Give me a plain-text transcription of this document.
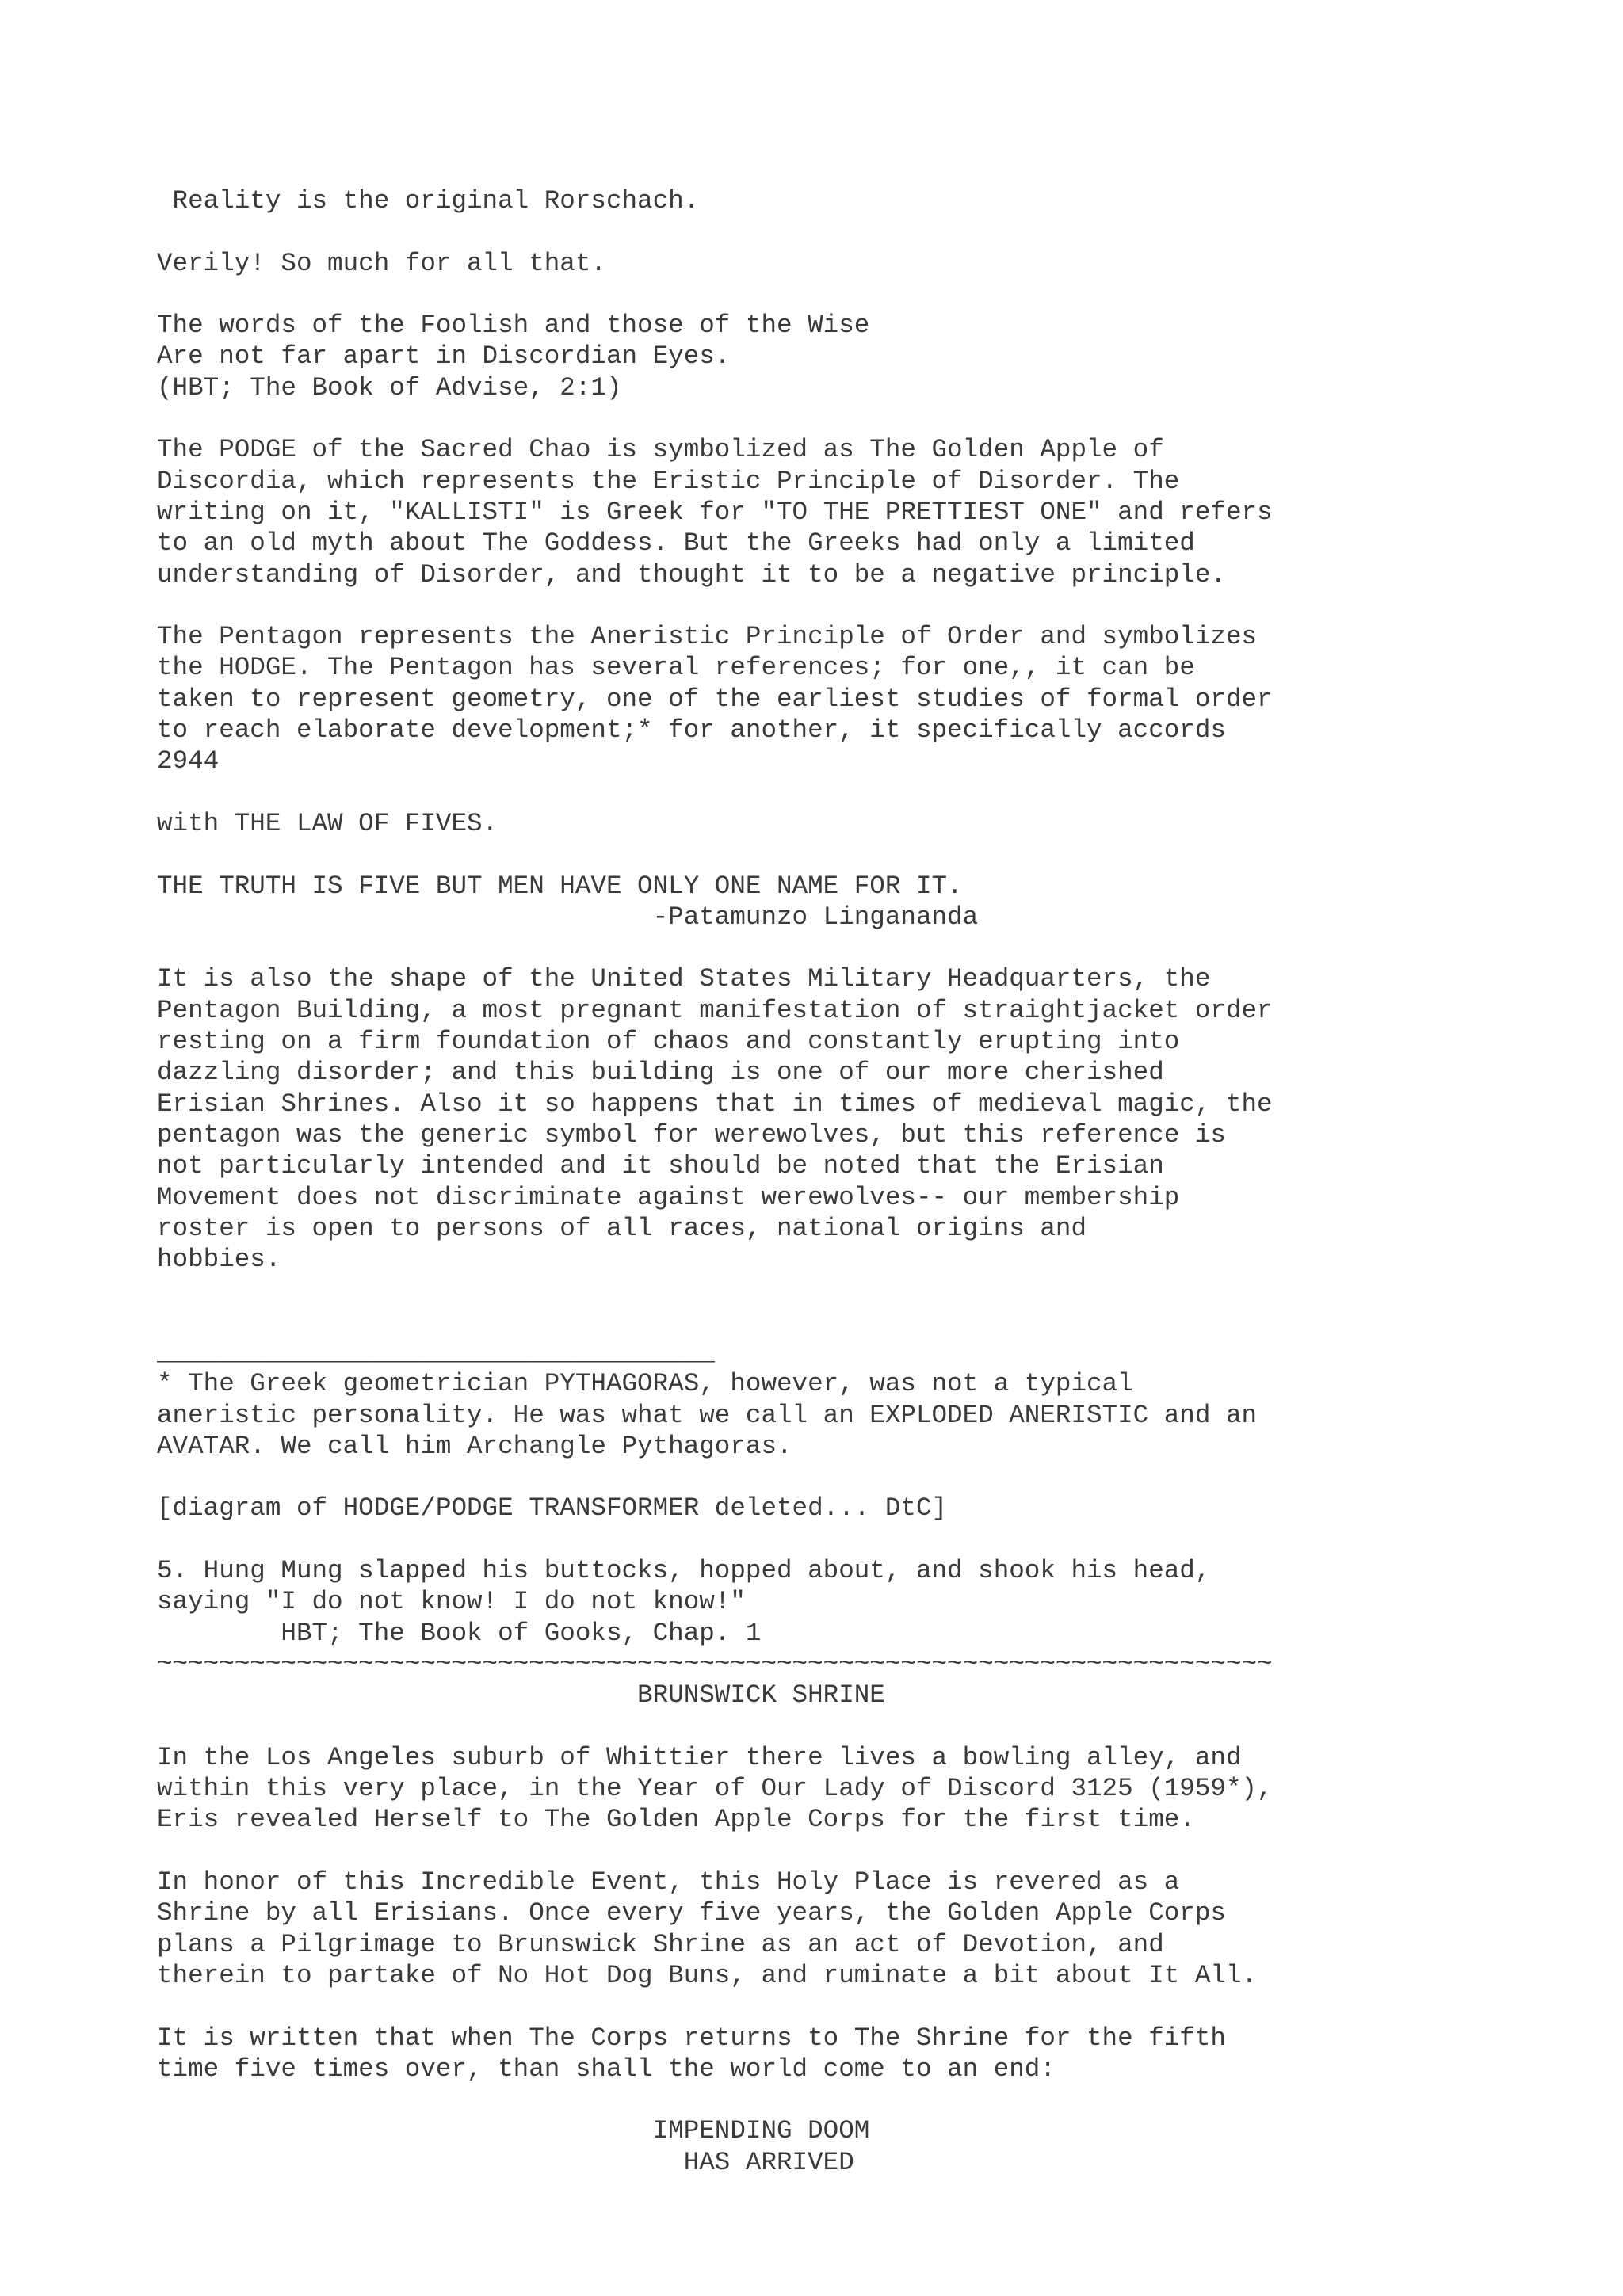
Reality is the original Rorschach.
Verily! So much for all that.
The words of the Foolish and those of the Wise
Are not far apart in Discordian Eyes.
(HBT; The Book of Advise, 2:1)
The PODGE of the Sacred Chao is symbolized as The Golden Apple of
Discordia, which represents the Eristic Principle of Disorder. The
writing on it, "KALLISTI" is Greek for "TO THE PRETTIEST ONE" and refers
to an old myth about The Goddess. But the Greeks had only a limited
understanding of Disorder, and thought it to be a negative principle.
The Pentagon represents the Aneristic Principle of Order and symbolizes
the HODGE. The Pentagon has several references; for one,, it can be
taken to represent geometry, one of the earliest studies of formal order
to reach elaborate development;* for another, it specifically accords
2944
with THE LAW OF FIVES.
THE TRUTH IS FIVE BUT MEN HAVE ONLY ONE NAME FOR IT.
-Patamunzo Lingananda
It is also the shape of the United States Military Headquarters, the
Pentagon Building, a most pregnant manifestation of straightjacket order
resting on a firm foundation of chaos and constantly erupting into
dazzling disorder; and this building is one of our more cherished
Erisian Shrines. Also it so happens that in times of medieval magic, the
pentagon was the generic symbol for werewolves, but this reference is
not particularly intended and it should be noted that the Erisian
Movement does not discriminate against werewolves-- our membership
roster is open to persons of all races, national origins and
hobbies.
____________________________________
* The Greek geometrician PYTHAGORAS, however, was not a typical
aneristic personality. He was what we call an EXPLODED ANERISTIC and an
AVATAR. We call him Archangle Pythagoras.
[diagram of HODGE/PODGE TRANSFORMER deleted... DtC]
5. Hung Mung slapped his buttocks, hopped about, and shook his head,
saying "I do not know! I do not know!"
HBT; The Book of Gooks, Chap. 1
~~~~~~~~~~~~~~~~~~~~~~~~~~~~~~~~~~~~~~~~~~~~~~~~~~~~~~~~~~~~~~~~~~~~~~~~
BRUNSWICK SHRINE
In the Los Angeles suburb of Whittier there lives a bowling alley, and
within this very place, in the Year of Our Lady of Discord 3125 (1959*),
Eris revealed Herself to The Golden Apple Corps for the first time.
In honor of this Incredible Event, this Holy Place is revered as a
Shrine by all Erisians. Once every five years, the Golden Apple Corps
plans a Pilgrimage to Brunswick Shrine as an act of Devotion, and
therein to partake of No Hot Dog Buns, and ruminate a bit about It All.
It is written that when The Corps returns to The Shrine for the fifth
time five times over, than shall the world come to an end:
IMPENDING DOOM
HAS ARRIVED
